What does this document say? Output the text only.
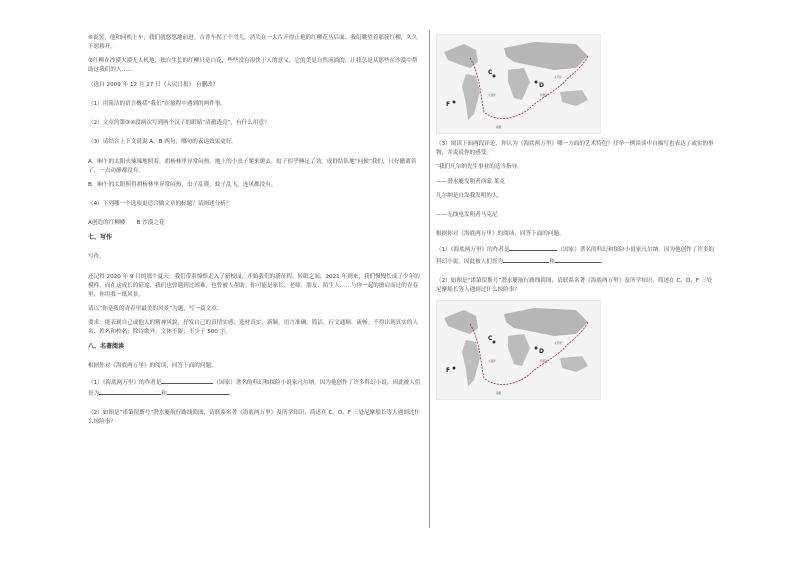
⑥说罢，他和同机上车，我们就悠悠地前进。吉普车拐了个弯儿，消失在一大片开得正艳的红柳花丛后面。我们眺望着那簇红柳，久久不愿移开。

⑦红柳在沙漠大漠无人机地，独自生长的红柳只是白花，些些没有很快于人的意义。它的美是自然流淌的，让我总是从那些在沙漠中帮助过我们的人……

（选自 2009 年 12 月 27 日《人民日报》 有删改）

（1）用简洁的语言概括“我们”在旅程中遇到的两件事。

（2）文章的第③④段两次写到两个汉子的眼睛“清澈透亮”，有什么用意？

（3）请结合上下文说说 A、B 两句，哪句的表达效果更好。

A．晌午的太阳火辣辣地照着，胡杨林里异常闷热，地上的小虫子爬来爬去，蚊子似乎睡足了劲，成群结队地“问候”我们，只好撤离着了，一点动静都没有。

B．晌午的太阳照得胡杨林里异常闷热，虫子乱爬，蚊子乱飞，连风都没有。

（4）下列哪一个选项更适合做文章的标题？请阐述分析？

A创造的红柳楼　　B 沙漠之花

七、写作

写作。

还记得 2020 年 9 月的那个夏天，我们带着憧憬走入了新校园，开始我们的新征程。转眼之间，2021 年到来，我们慢慢长成了少年的模样。而在这成长的征途，我们也曾遇到过困难，也曾被人帮助。你可能是家长、老师、朋友、陌生人……与你一起的擦肩而过的青春里，你用我一纸风景。

请以“你是我的青春里最美的风景”为题，写一篇文章。

要求：能表现自己或他人的精神风貌，抒发自己的真情实感；选材真实、新颖，语言准确、简洁，行文通顺、流畅；不得出现真实的人名、姓名和校名；除诗歌外，文体不限；不少于 500 字。

八、名著阅读

根据你对《海底两万里》的阅读，回答下面的问题。

（1）《海底两万里》的作者是	（国家）著名的科幻和探险小说家凡尔纳，因为他创作了许多科幻小说，因此被人们誉为	和	。

（2）如图是“诺第留斯号”潜水艇航行路线简图，请联系名著《海底两万里》及所学知识，简述在 C、D、F 三处尼摩船长等人遇到过什么惊险事？

C
D
F
太平洋
大西洋	印度洋
南极

（3）阅读下面两段评论，你认为《海底两万里》哪一方面的艺术特色？任举一例谈谈中自描写也表达了或实的事物，并说说你的感受。

“我们凡尔纳先生事业的适当指导。

——潜水艇发明者西蒙·莱克

凡尔纳是自发我发明的人。

——无线电发明者马克尼

根据你对《海底两万里》的阅读，回答下面的问题。

（1）《海底两万里》的作者是	（国家）著名的科幻和探险小说家凡尔纳。因为他创作了许多的科幻小说。因此被人们誉为	和	。

（2）如图是“诺第留斯号”潜水艇航行路线简图，请联系名著《海底两万里》及所学知识，简述在 C、D、F 三处尼摩船长等人遇到过什么惊险事？

C
D
F
太平洋
大西洋	印度洋
南极
